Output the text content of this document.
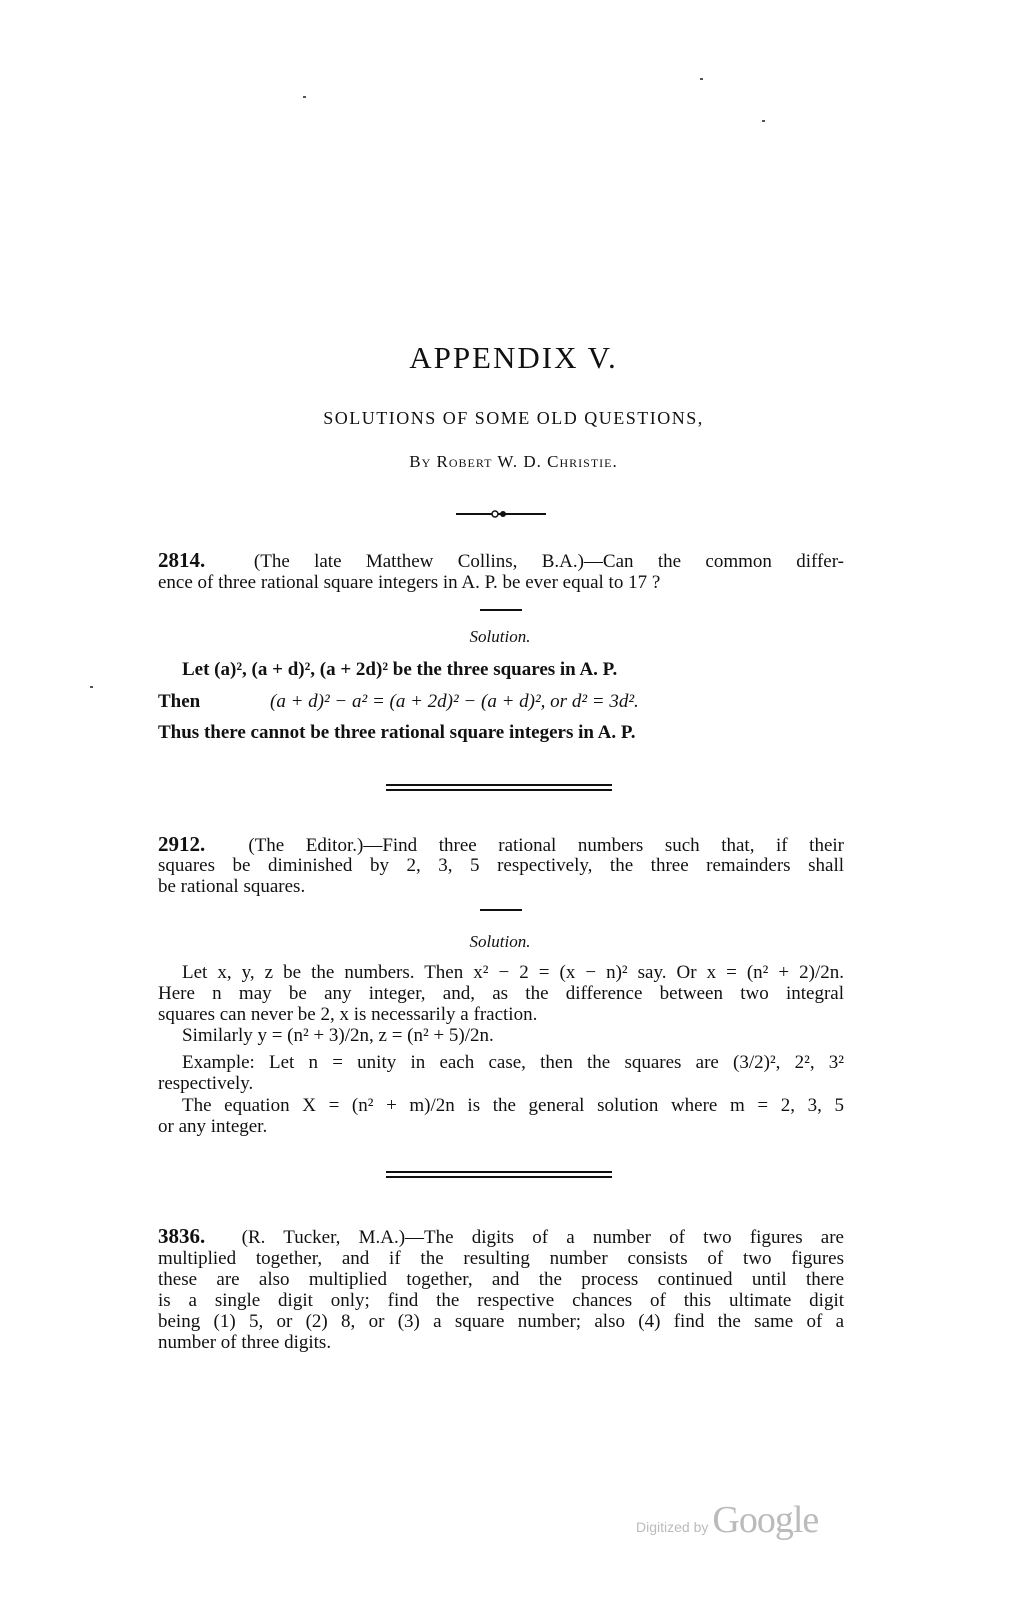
APPENDIX V.
SOLUTIONS OF SOME OLD QUESTIONS,
By Robert W. D. Christie.
2814.	(The late Matthew Collins, B.A.)—Can the common differ-
ence of three rational square integers in A. P. be ever equal to 17 ?
Solution.
Let (a)², (a + d)², (a + 2d)² be the three squares in A. P.
Then	(a + d)² − a² = (a + 2d)² − (a + d)², or d² = 3d².
Thus there cannot be three rational square integers in A. P.
2912. (The Editor.)—Find three rational numbers such that, if their
squares be diminished by 2, 3, 5 respectively, the three remainders shall
be rational squares.
Solution.
Let x, y, z be the numbers. Then x² − 2 = (x − n)² say. Or x = (n² + 2)/2n.
Here n may be any integer, and, as the difference between two integral
squares can never be 2, x is necessarily a fraction.
Similarly y = (n² + 3)/2n, z = (n² + 5)/2n.
Example: Let n = unity in each case, then the squares are (3/2)², 2², 3²
respectively.
The equation X = (n² + m)/2n is the general solution where m = 2, 3, 5
or any integer.
3836. (R. Tucker, M.A.)—The digits of a number of two figures are
multiplied together, and if the resulting number consists of two figures
these are also multiplied together, and the process continued until there
is a single digit only; find the respective chances of this ultimate digit
being (1) 5, or (2) 8, or (3) a square number; also (4) find the same of a
number of three digits.
Digitized by Google
